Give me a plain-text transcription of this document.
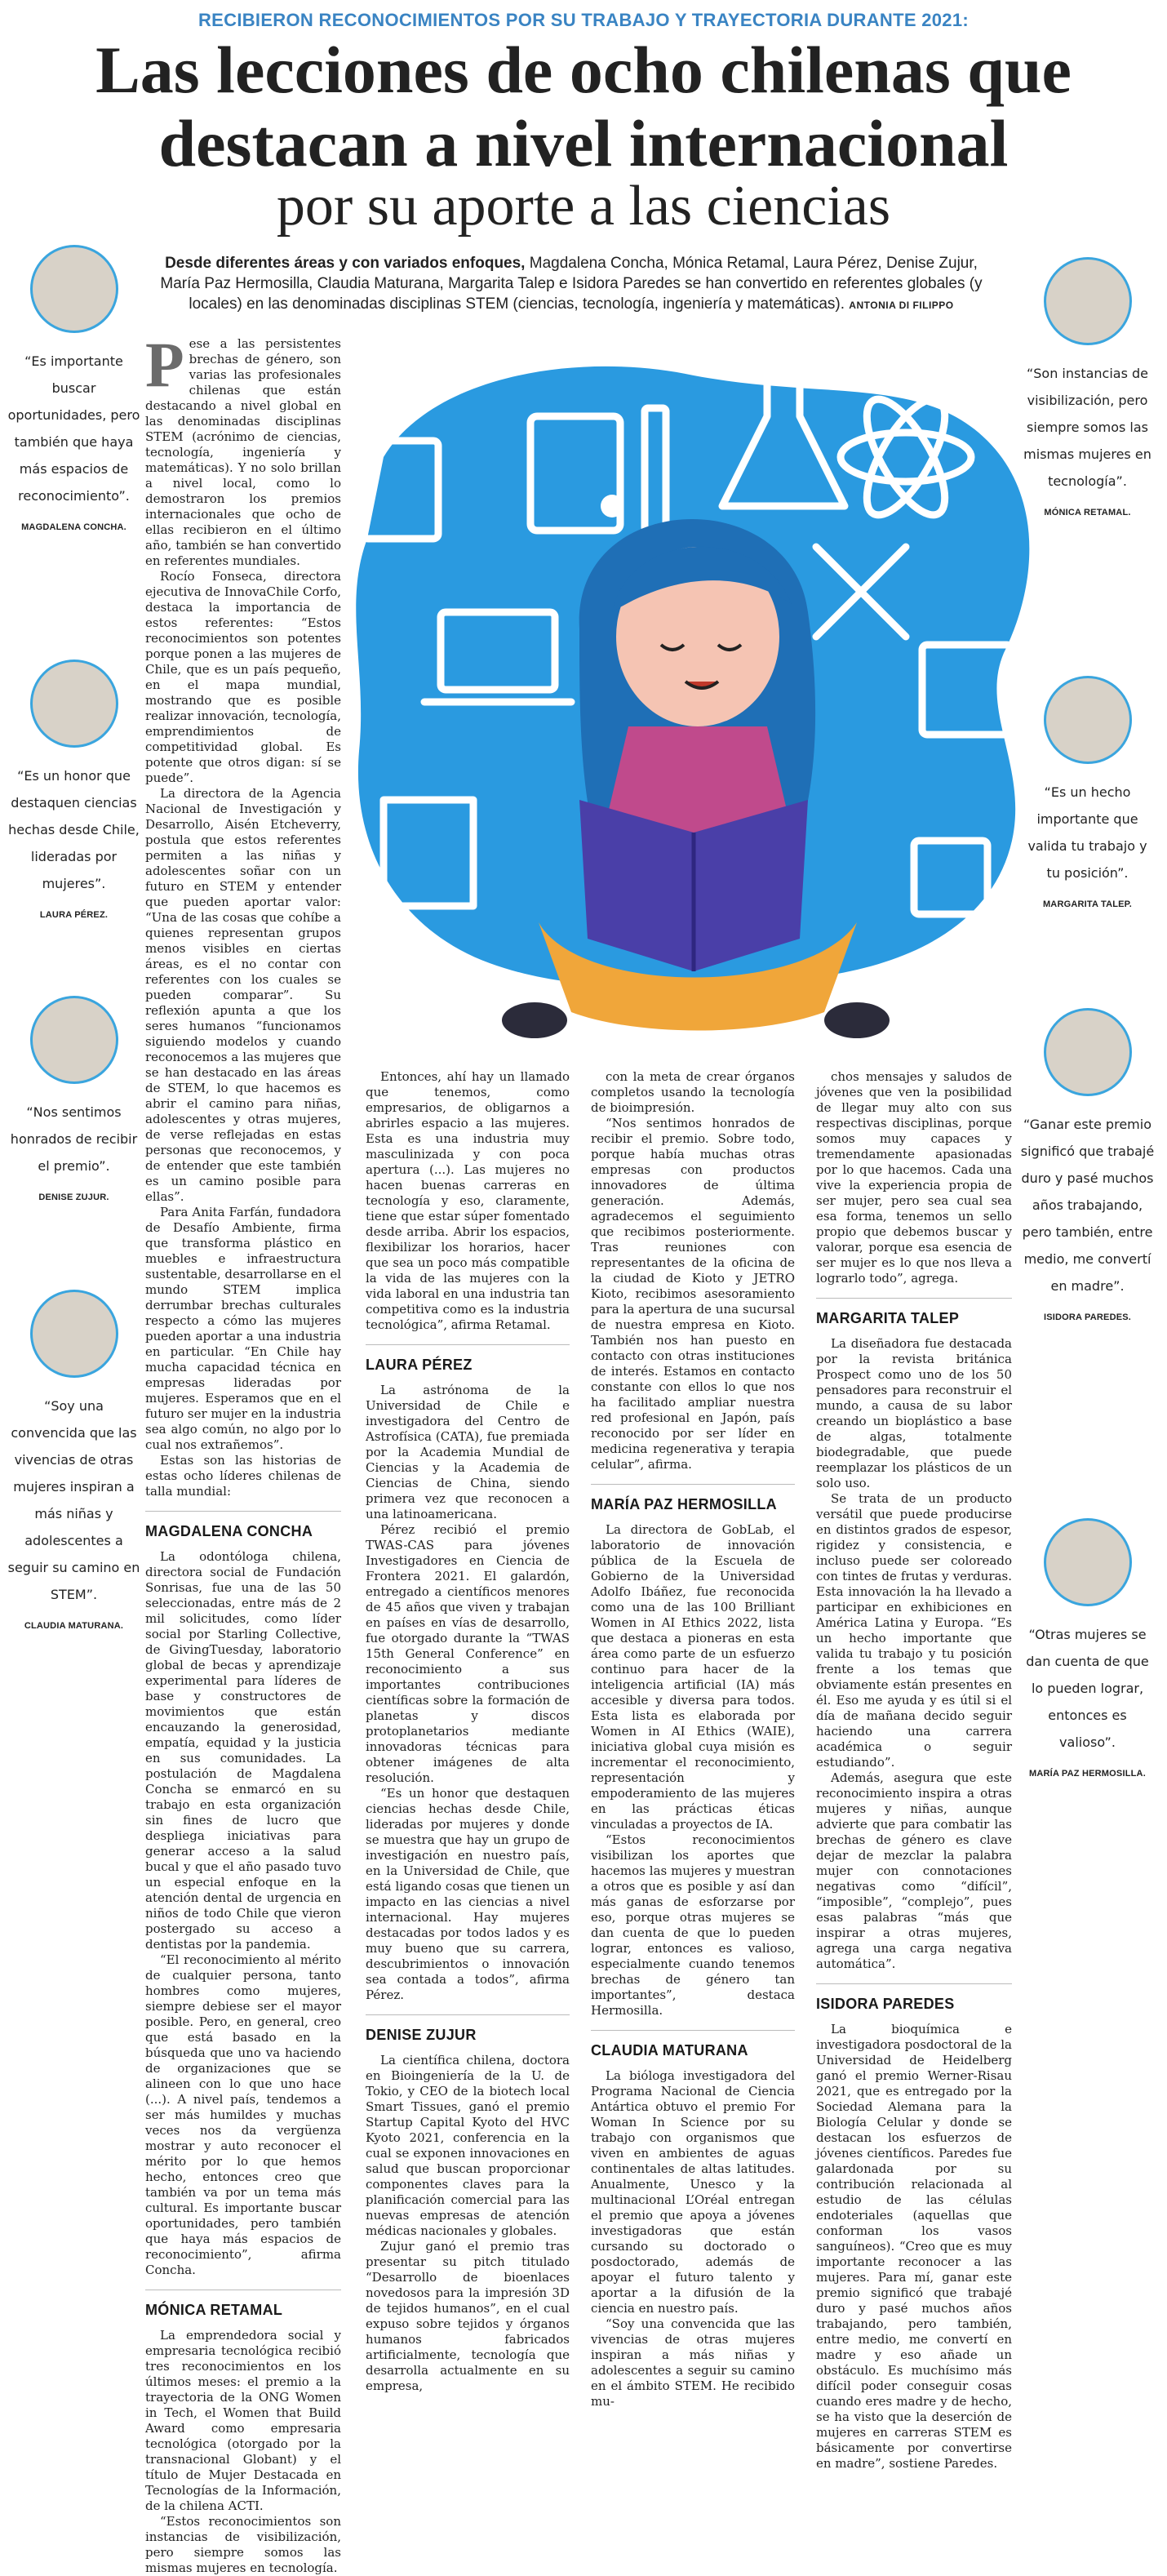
RECIBIERON RECONOCIMIENTOS POR SU TRABAJO Y TRAYECTORIA DURANTE 2021:
Las lecciones de ocho chilenas que
destacan a nivel internacional
por su aporte a las ciencias
Desde diferentes áreas y con variados enfoques, Magdalena Concha, Mónica Retamal, Laura Pérez, Denise Zujur, María Paz Hermosilla, Claudia Maturana, Margarita Talep e Isidora Paredes se han convertido en referentes globales (y locales) en las denominadas disciplinas STEM (ciencias, tecnología, ingeniería y matemáticas). ANTONIA DI FILIPPO
“Es importante buscar oportunidades, pero también que haya más espacios de reconocimiento”.
MAGDALENA CONCHA.
“Es un honor que destaquen ciencias hechas desde Chile, lideradas por mujeres”.
LAURA PÉREZ.
“Nos sentimos honrados de recibir el premio”.
DENISE ZUJUR.
“Soy una convencida que las vivencias de otras mujeres inspiran a más niñas y adolescentes a seguir su camino en STEM”.
CLAUDIA MATURANA.
“Son instancias de visibilización, pero siempre somos las mismas mujeres en tecnología”.
MÓNICA RETAMAL.
“Es un hecho importante que valida tu trabajo y tu posición”.
MARGARITA TALEP.
“Ganar este premio significó que trabajé duro y pasé muchos años trabajando, pero también, entre medio, me convertí en madre”.
ISIDORA PAREDES.
“Otras mujeres se dan cuenta de que lo pueden lograr, entonces es valioso”.
MARÍA PAZ HERMOSILLA.

Pese a las persistentes brechas de género, son varias las profesionales chilenas que están destacando a nivel global en las denominadas disciplinas STEM (acrónimo de ciencias, tecnología, ingeniería y matemáticas). Y no solo brillan a nivel local, como lo demostraron los premios internacionales que ocho de ellas recibieron en el último año, también se han convertido en referentes mundiales.

Rocío Fonseca, directora ejecutiva de InnovaChile Corfo, destaca la importancia de estos referentes: “Estos reconocimientos son potentes porque ponen a las mujeres de Chile, que es un país pequeño, en el mapa mundial, mostrando que es posible realizar innovación, tecnología, emprendimientos de competitividad global. Es potente que otros digan: sí se puede”.

La directora de la Agencia Nacional de Investigación y Desarrollo, Aisén Etcheverry, postula que estos referentes permiten a las niñas y adolescentes soñar con un futuro en STEM y entender que pueden aportar valor: “Una de las cosas que cohíbe a quienes representan grupos menos visibles en ciertas áreas, es el no contar con referentes con los cuales se pueden comparar”. Su reflexión apunta a que los seres humanos “funcionamos siguiendo modelos y cuando reconocemos a las mujeres que se han destacado en las áreas de STEM, lo que hacemos es abrir el camino para niñas, adolescentes y otras mujeres, de verse reflejadas en estas personas que reconocemos, y de entender que este también es un camino posible para ellas”.

Para Anita Farfán, fundadora de Desafío Ambiente, firma que transforma plástico en muebles e infraestructura sustentable, desarrollarse en el mundo STEM implica derrumbar brechas culturales respecto a cómo las mujeres pueden aportar a una industria en particular. “En Chile hay mucha capacidad técnica en empresas lideradas por mujeres. Esperamos que en el futuro ser mujer en la industria sea algo común, no algo por lo cual nos extrañemos”.

Estas son las historias de estas ocho líderes chilenas de talla mundial:

MAGDALENA CONCHA

La odontóloga chilena, directora social de Fundación Sonrisas, fue una de las 50 seleccionadas, entre más de 2 mil solicitudes, como líder social por Starling Collective, de GivingTuesday, laboratorio global de becas y aprendizaje experimental para líderes de base y constructores de movimientos que están encauzando la generosidad, empatía, equidad y la justicia en sus comunidades. La postulación de Magdalena Concha se enmarcó en su trabajo en esta organización sin fines de lucro que despliega iniciativas para generar acceso a la salud bucal y que el año pasado tuvo un especial enfoque en la atención dental de urgencia en niños de todo Chile que vieron postergado su acceso a dentistas por la pandemia.

“El reconocimiento al mérito de cualquier persona, tanto hombres como mujeres, siempre debiese ser el mayor posible. Pero, en general, creo que está basado en la búsqueda que uno va haciendo de organizaciones que se alineen con lo que uno hace (...). A nivel país, tendemos a ser más humildes y muchas veces nos da vergüenza mostrar y auto reconocer el mérito por lo que hemos hecho, entonces creo que también va por un tema más cultural. Es importante buscar oportunidades, pero también que haya más espacios de reconocimiento”, afirma Concha.

MÓNICA RETAMAL

La emprendedora social y empresaria tecnológica recibió tres reconocimientos en los últimos meses: el premio a la trayectoria de la ONG Women in Tech, el Women that Build Award como empresaria tecnológica (otorgado por la transnacional Globant) y el título de Mujer Destacada en Tecnologías de la Información, de la chilena ACTI.

“Estos reconocimientos son instancias de visibilización, pero siempre somos las mismas mujeres en tecnología.

Entonces, ahí hay un llamado que tenemos, como empresarios, de obligarnos a abrirles espacio a las mujeres. Esta es una industria muy masculinizada y con poca apertura (...). Las mujeres no hacen buenas carreras en tecnología y eso, claramente, tiene que estar súper fomentado desde arriba. Abrir los espacios, flexibilizar los horarios, hacer que sea un poco más compatible la vida de las mujeres con la vida laboral en una industria tan competitiva como es la industria tecnológica”, afirma Retamal.

LAURA PÉREZ

La astrónoma de la Universidad de Chile e investigadora del Centro de Astrofísica (CATA), fue premiada por la Academia Mundial de Ciencias y la Academia de Ciencias de China, siendo primera vez que reconocen a una latinoamericana.

Pérez recibió el premio TWAS-CAS para jóvenes Investigadores en Ciencia de Frontera 2021. El galardón, entregado a científicos menores de 45 años que viven y trabajan en países en vías de desarrollo, fue otorgado durante la “TWAS 15th General Conference” en reconocimiento a sus importantes contribuciones científicas sobre la formación de planetas y discos protoplanetarios mediante innovadoras técnicas para obtener imágenes de alta resolución.

“Es un honor que destaquen ciencias hechas desde Chile, lideradas por mujeres y donde se muestra que hay un grupo de investigación en nuestro país, en la Universidad de Chile, que está ligando cosas que tienen un impacto en las ciencias a nivel internacional. Hay mujeres destacadas por todos lados y es muy bueno que su carrera, descubrimientos o innovación sea contada a todos”, afirma Pérez.

DENISE ZUJUR

La científica chilena, doctora en Bioingeniería de la U. de Tokio, y CEO de la biotech local Smart Tissues, ganó el premio Startup Capital Kyoto del HVC Kyoto 2021, conferencia en la cual se exponen innovaciones en salud que buscan proporcionar componentes claves para la planificación comercial para las nuevas empresas de atención médicas nacionales y globales.

Zujur ganó el premio tras presentar su pitch titulado “Desarrollo de bioenlaces novedosos para la impresión 3D de tejidos humanos”, en el cual expuso sobre tejidos y órganos humanos fabricados artificialmente, tecnología que desarrolla actualmente en su empresa,

con la meta de crear órganos completos usando la tecnología de bioimpresión.

“Nos sentimos honrados de recibir el premio. Sobre todo, porque había muchas otras empresas con productos innovadores de última generación. Además, agradecemos el seguimiento que recibimos posteriormente. Tras reuniones con representantes de la oficina de la ciudad de Kioto y JETRO Kioto, recibimos asesoramiento para la apertura de una sucursal de nuestra empresa en Kioto. También nos han puesto en contacto con otras instituciones de interés. Estamos en contacto constante con ellos lo que nos ha facilitado ampliar nuestra red profesional en Japón, país reconocido por ser líder en medicina regenerativa y terapia celular”, afirma.

MARÍA PAZ HERMOSILLA

La directora de GobLab, el laboratorio de innovación pública de la Escuela de Gobierno de la Universidad Adolfo Ibáñez, fue reconocida como una de las 100 Brilliant Women in AI Ethics 2022, lista que destaca a pioneras en esta área como parte de un esfuerzo continuo para hacer de la inteligencia artificial (IA) más accesible y diversa para todos. Esta lista es elaborada por Women in AI Ethics (WAIE), iniciativa global cuya misión es incrementar el reconocimiento, representación y empoderamiento de las mujeres en las prácticas éticas vinculadas a proyectos de IA.

“Estos reconocimientos visibilizan los aportes que hacemos las mujeres y muestran a otros que es posible y así dan más ganas de esforzarse por eso, porque otras mujeres se dan cuenta de que lo pueden lograr, entonces es valioso, especialmente cuando tenemos brechas de género tan importantes”, destaca Hermosilla.

CLAUDIA MATURANA

La bióloga investigadora del Programa Nacional de Ciencia Antártica obtuvo el premio For Woman In Science por su trabajo con organismos que viven en ambientes de aguas continentales de altas latitudes. Anualmente, Unesco y la multinacional L’Oréal entregan el premio que apoya a jóvenes investigadoras que están cursando su doctorado o posdoctorado, además de apoyar el futuro talento y aportar a la difusión de la ciencia en nuestro país.

“Soy una convencida que las vivencias de otras mujeres inspiran a más niñas y adolescentes a seguir su camino en el ámbito STEM. He recibido mu-

chos mensajes y saludos de jóvenes que ven la posibilidad de llegar muy alto con sus respectivas disciplinas, porque somos muy capaces y tremendamente apasionadas por lo que hacemos. Cada una vive la experiencia propia de ser mujer, pero sea cual sea esa forma, tenemos un sello propio que debemos buscar y valorar, porque esa esencia de ser mujer es lo que nos lleva a lograrlo todo”, agrega.

MARGARITA TALEP

La diseñadora fue destacada por la revista británica Prospect como uno de los 50 pensadores para reconstruir el mundo, a causa de su labor creando un bioplástico a base de algas, totalmente biodegradable, que puede reemplazar los plásticos de un solo uso.

Se trata de un producto versátil que puede producirse en distintos grados de espesor, rigidez y consistencia, e incluso puede ser coloreado con tintes de frutas y verduras. Esta innovación la ha llevado a participar en exhibiciones en América Latina y Europa. “Es un hecho importante que valida tu trabajo y tu posición frente a los temas que obviamente están presentes en él. Eso me ayuda y es útil si el día de mañana decido seguir haciendo una carrera académica o seguir estudiando”.

Además, asegura que este reconocimiento inspira a otras mujeres y niñas, aunque advierte que para combatir las brechas de género es clave dejar de mezclar la palabra mujer con connotaciones negativas como “difícil”, “imposible”, “complejo”, pues esas palabras “más que inspirar a otras mujeres, agrega una carga negativa automática”.

ISIDORA PAREDES

La bioquímica e investigadora posdoctoral de la Universidad de Heidelberg ganó el premio Werner-Risau 2021, que es entregado por la Sociedad Alemana para la Biología Celular y donde se destacan los esfuerzos de jóvenes científicos. Paredes fue galardonada por su contribución relacionada al estudio de las células endoteriales (aquellas que conforman los vasos sanguíneos). “Creo que es muy importante reconocer a las mujeres. Para mí, ganar este premio significó que trabajé duro y pasé muchos años trabajando, pero también, entre medio, me convertí en madre y eso añade un obstáculo. Es muchísimo más difícil poder conseguir cosas cuando eres madre y de hecho, se ha visto que la deserción de mujeres en carreras STEM es básicamente por convertirse en madre”, sostiene Paredes.
